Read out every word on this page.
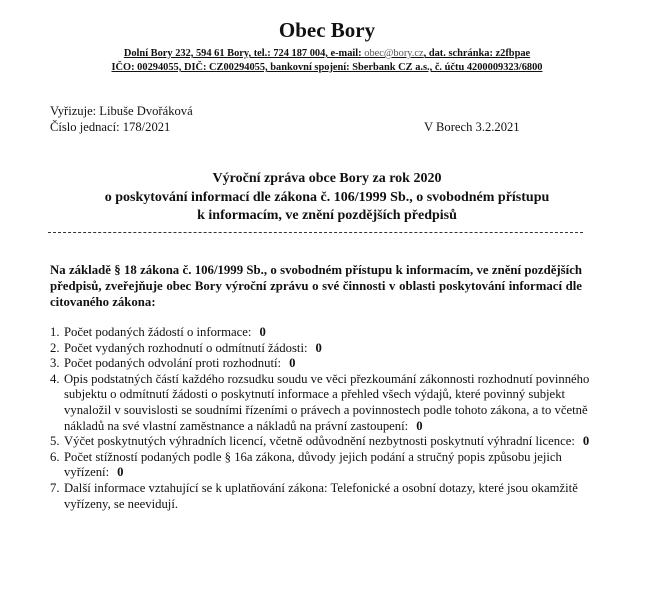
Obec Bory
Dolní Bory 232, 594 61 Bory, tel.: 724 187 004, e-mail: obec@bory.cz, dat. schránka: z2fbpae
IČO: 00294055, DIČ: CZ00294055, bankovní spojení: Sberbank CZ a.s., č. účtu 4200009323/6800
Vyřizuje: Libuše Dvořáková
Číslo jednací: 178/2021	V Borech 3.2.2021
Výroční zpráva obce Bory za rok 2020
o poskytování informací dle zákona č. 106/1999 Sb., o svobodném přístupu
k informacím, ve znění pozdějších předpisů
Na základě § 18 zákona č. 106/1999 Sb., o svobodném přístupu k informacím, ve znění pozdějších předpisů, zveřejňuje obec Bory výroční zprávu o své činnosti v oblasti poskytování informací dle citovaného zákona:
1. Počet podaných žádostí o informace: 0
2. Počet vydaných rozhodnutí o odmítnutí žádosti: 0
3. Počet podaných odvolání proti rozhodnutí: 0
4. Opis podstatných částí každého rozsudku soudu ve věci přezkoumání zákonnosti rozhodnutí povinného subjektu o odmítnutí žádosti o poskytnutí informace a přehled všech výdajů, které povinný subjekt vynaložil v souvislosti se soudními řízeními o právech a povinnostech podle tohoto zákona, a to včetně nákladů na své vlastní zaměstnance a nákladů na právní zastoupení: 0
5. Výčet poskytnutých výhradních licencí, včetně odůvodnění nezbytnosti poskytnutí výhradní licence: 0
6. Počet stížností podaných podle § 16a zákona, důvody jejich podání a stručný popis způsobu jejich vyřízení: 0
7. Další informace vztahující se k uplatňování zákona: Telefonické a osobní dotazy, které jsou okamžitě vyřízeny, se neevidují.
